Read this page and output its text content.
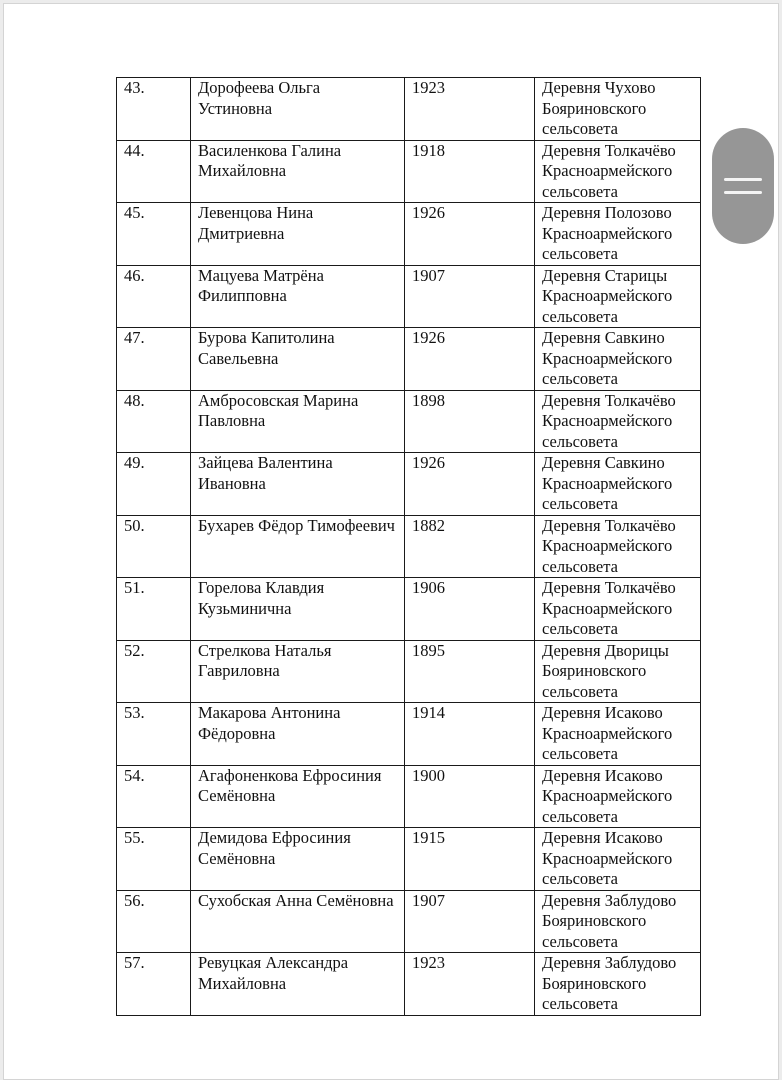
43.	Дорофеева Ольга Устиновна	1923	Деревня Чухово Бояриновского сельсовета

44.	Василенкова Галина Михайловна	1918	Деревня Толкачёво Красноармейского сельсовета

45.	Левенцова Нина Дмитриевна	1926	Деревня Полозово Красноармейского сельсовета

46.	Мацуева Матрёна Филипповна	1907	Деревня Старицы Красноармейского сельсовета

47.	Бурова Капитолина Савельевна	1926	Деревня Савкино Красноармейского сельсовета

48.	Амбросовская Марина Павловна	1898	Деревня Толкачёво Красноармейского сельсовета

49.	Зайцева Валентина Ивановна	1926	Деревня Савкино Красноармейского сельсовета

50.	Бухарев Фёдор Тимофеевич	1882	Деревня Толкачёво Красноармейского сельсовета

51.	Горелова Клавдия Кузьминична	1906	Деревня Толкачёво Красноармейского сельсовета

52.	Стрелкова Наталья Гавриловна	1895	Деревня Дворицы Бояриновского сельсовета

53.	Макарова Антонина Фёдоровна	1914	Деревня Исаково Красноармейского сельсовета

54.	Агафоненкова Ефросиния Семёновна	1900	Деревня Исаково Красноармейского сельсовета

55.	Демидова Ефросиния Семёновна	1915	Деревня Исаково Красноармейского сельсовета

56.	Сухобская Анна Семёновна	1907	Деревня Заблудово Бояриновского сельсовета

57.	Ревуцкая Александра Михайловна	1923	Деревня Заблудово Бояриновского сельсовета
